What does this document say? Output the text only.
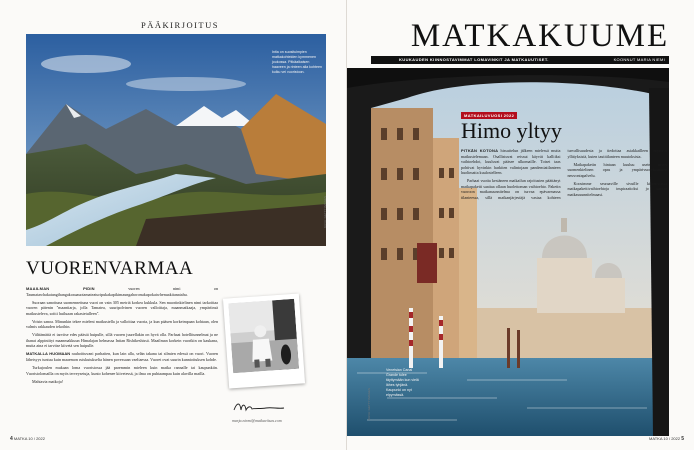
PÄÄKIRJOITUS
Intia on suosituimpien matkakohteiden kymmenen joukossa. Pitkäaikaisen haaveen ja rinteen alla kohteen kulku vei vuoristoon.
KUVA: GETTY IMAGES
VUORENVARMAA

MAAILMAN PIDIN	vuoren nimi on Taumatawhakatangihangakoauauotamateaturipukakapikimaungahoronukupokaiwhenuakitanatahu.

Suoraan sanottuna suomennettuna vuori on vain 305 metriä korkea kukkula. Sen maoriinkielinen nimi tarkoittaa vuoren pätenin "maantiarja, jolla Tamatea, suuripolvinen vuoren valloittaja, maanmatkaaja, ympäriinsä matkusteleva, soitti huiluaan rakastetulleen".

Voisin sanoa. Minunkin tekee mieleni matkustella ja valloittaa vuoria, ja kun pääsen korkeimpaan kohtaan, olen valmis rakkauden tekoihin.

Välttämättä ei tarvitse edes päästä huipulle, sillä vuoren juurellakin on hyvä olla. Parhaat hotellitunnelmat ja ne ihanat alppiniityt maanmakkuun Himalajan helmassa Intian Rishikeshissä. Maailman korkein vuorikin on kaukana, mutta aina ei tarvitse kiivetä sen huipulle.

MATKALLA HUOMAAN rauhoittuvani parhaiten, kun lain alla, selän takana tai silmien edessä on vuori. Vuoren läheisyys tuntuu kuin maaemon ruiskutukselta hänen povessaan vaeltaessa. Vuoret ovat suurin kunnioituksen kohde.

Turkujoulen mukaan loma vuoristossa jää paremmin mieleen kuin matka rannalle tai kaupunkiin. Vuoristolomailla on myös terveysetuja, kunto kohenee kiivetessä, ja ilma on puhtaampaa kuin alavilla mailla.

Mahtavia matkoja!

marja.niemi@matkaviisas.com
4 MATKA 10 / 2022
MATKAKUUME
KUUKAUDEN KIINNOSTAVIMMAT LOMAVINKIT JA MATKAUUTISET.	KOONNUT MARIA NIEMI
MATKAILUVUOSI 2022
Himo yltyy

PITKÄN KOTONA hissuttelun jälkeen mielessä mutta matkustelemaan. Osallistuvat reissut käyvät kalliiksi vaihtoehdot, kuuluvat pääsee ulkomaille. Toiset taas pohtivat hyvinkin harkiten valintojaan pandemiatilanteen huolimatta kuulostelleen.

Parhaat vuotta kestäneen matkailun rajoitusten päättänyt matkapaketti saattaa ollaan huolettoman vaihtoehto. Paketin vuoroon matkasuunnitelma on turvaa epävarmassa tilanteessa, sillä matkanjärjestäjä vastaa kohteen turvallisuudesta ja tiedottaa asiakkailleen nopeasti yllätyksistä, kuten tautitilanteen muutoksista.

Matkapaketin hintaan kuuluu usein myös suomenkielinen opas ja ympärivuorokautinen neuvontapalvelu.

Koosimme seuraaville sivuille kiinnostavia matkapakettivaihtoehtoja inspiraatioksi jo omaan matkasuunnitelmaasi.

Venetsian Canal Grande tulee täyttymään kun vielä lähes tyhjänä. Kaupunki on nyt elpymässä.
KUVA: GETTY IMAGES
MATKA 10 / 2022 5
